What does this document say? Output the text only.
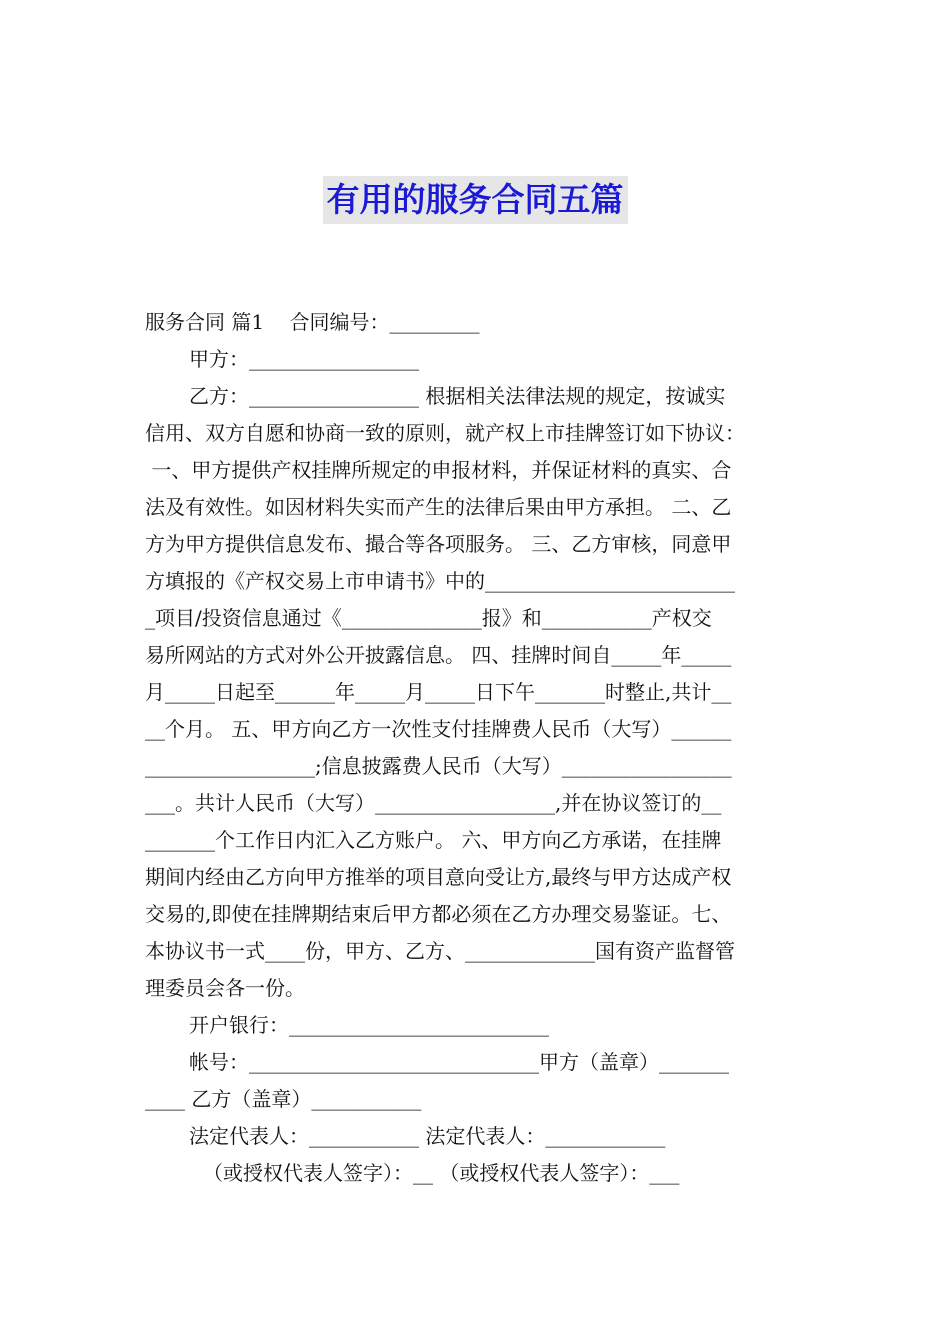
有用的服务合同五篇
服务合同 篇1    合同编号：_________
甲方：_________________
乙方：_________________ 根据相关法律法规的规定，按诚实
信用、双方自愿和协商一致的原则，就产权上市挂牌签订如下协议：
一、甲方提供产权挂牌所规定的申报材料，并保证材料的真实、合
法及有效性。如因材料失实而产生的法律后果由甲方承担。 二、乙
方为甲方提供信息发布、撮合等各项服务。 三、乙方审核，同意甲
方填报的《产权交易上市申请书》中的_________________________
_项目/投资信息通过《______________报》和___________产权交
易所网站的方式对外公开披露信息。 四、挂牌时间自_____年_____
月_____日起至______年_____月_____日下午_______时整止,共计__
__个月。 五、甲方向乙方一次性支付挂牌费人民币（大写）______
_________________;信息披露费人民币（大写）_________________
___。共计人民币（大写）__________________,并在协议签订的__
_______个工作日内汇入乙方账户。 六、甲方向乙方承诺，在挂牌
期间内经由乙方向甲方推举的项目意向受让方,最终与甲方达成产权
交易的,即使在挂牌期结束后甲方都必须在乙方办理交易鉴证。七、
本协议书一式____份，甲方、乙方、_____________国有资产监督管
理委员会各一份。
开户银行：__________________________
帐号：_____________________________甲方（盖章）_______
____ 乙方（盖章）___________
法定代表人：___________ 法定代表人：____________
（或授权代表人签字）：__ （或授权代表人签字）：___
